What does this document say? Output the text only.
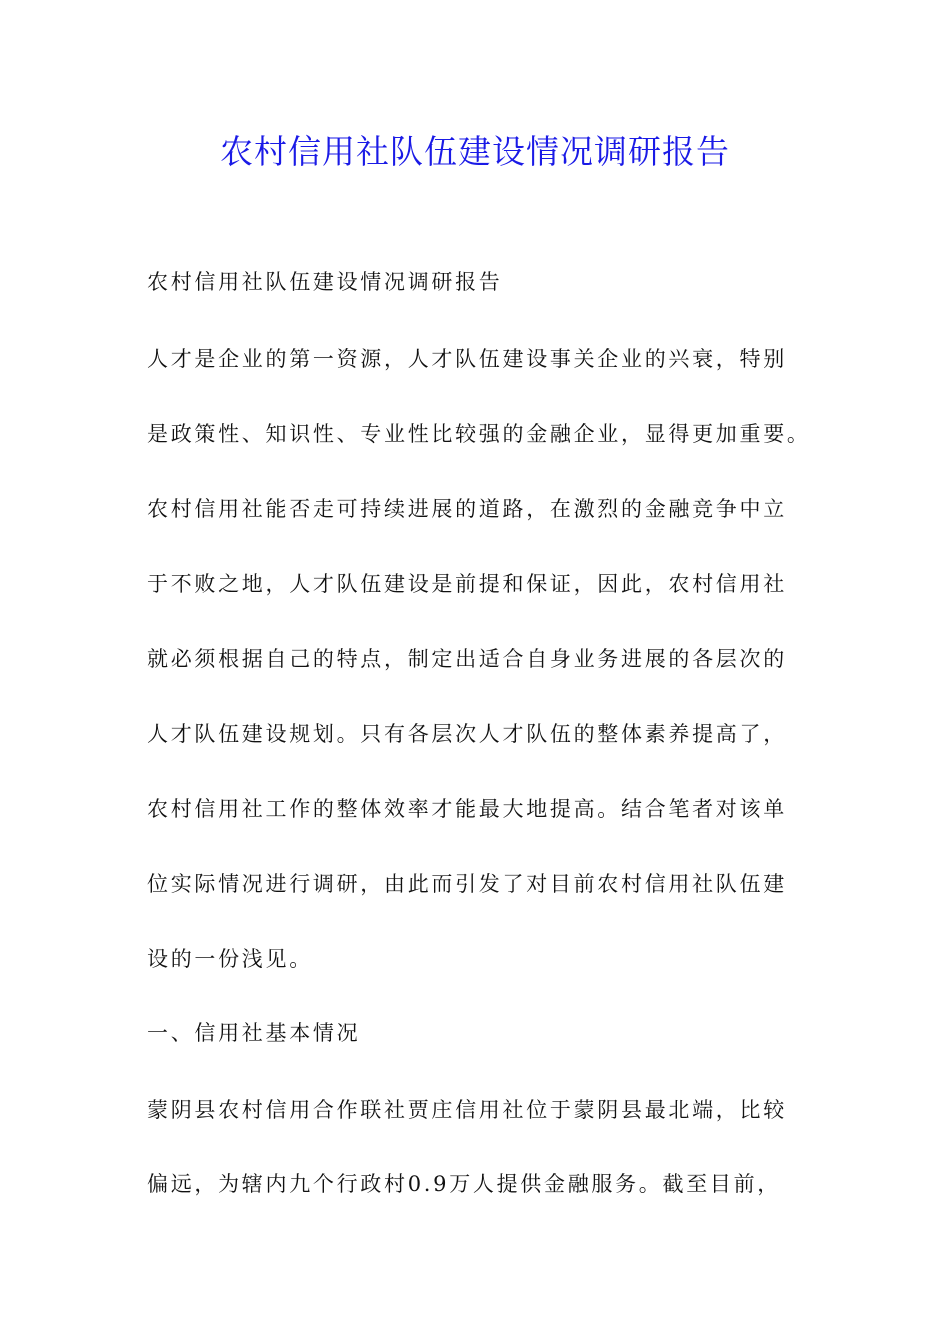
农村信用社队伍建设情况调研报告

农村信用社队伍建设情况调研报告

人才是企业的第一资源，人才队伍建设事关企业的兴衰，特别

是政策性、知识性、专业性比较强的金融企业，显得更加重要。

农村信用社能否走可持续进展的道路，在激烈的金融竞争中立

于不败之地，人才队伍建设是前提和保证，因此，农村信用社

就必须根据自己的特点，制定出适合自身业务进展的各层次的

人才队伍建设规划。只有各层次人才队伍的整体素养提高了，

农村信用社工作的整体效率才能最大地提高。结合笔者对该单

位实际情况进行调研，由此而引发了对目前农村信用社队伍建

设的一份浅见。

一、信用社基本情况

蒙阴县农村信用合作联社贾庄信用社位于蒙阴县最北端，比较

偏远，为辖内九个行政村0.9万人提供金融服务。截至目前，
